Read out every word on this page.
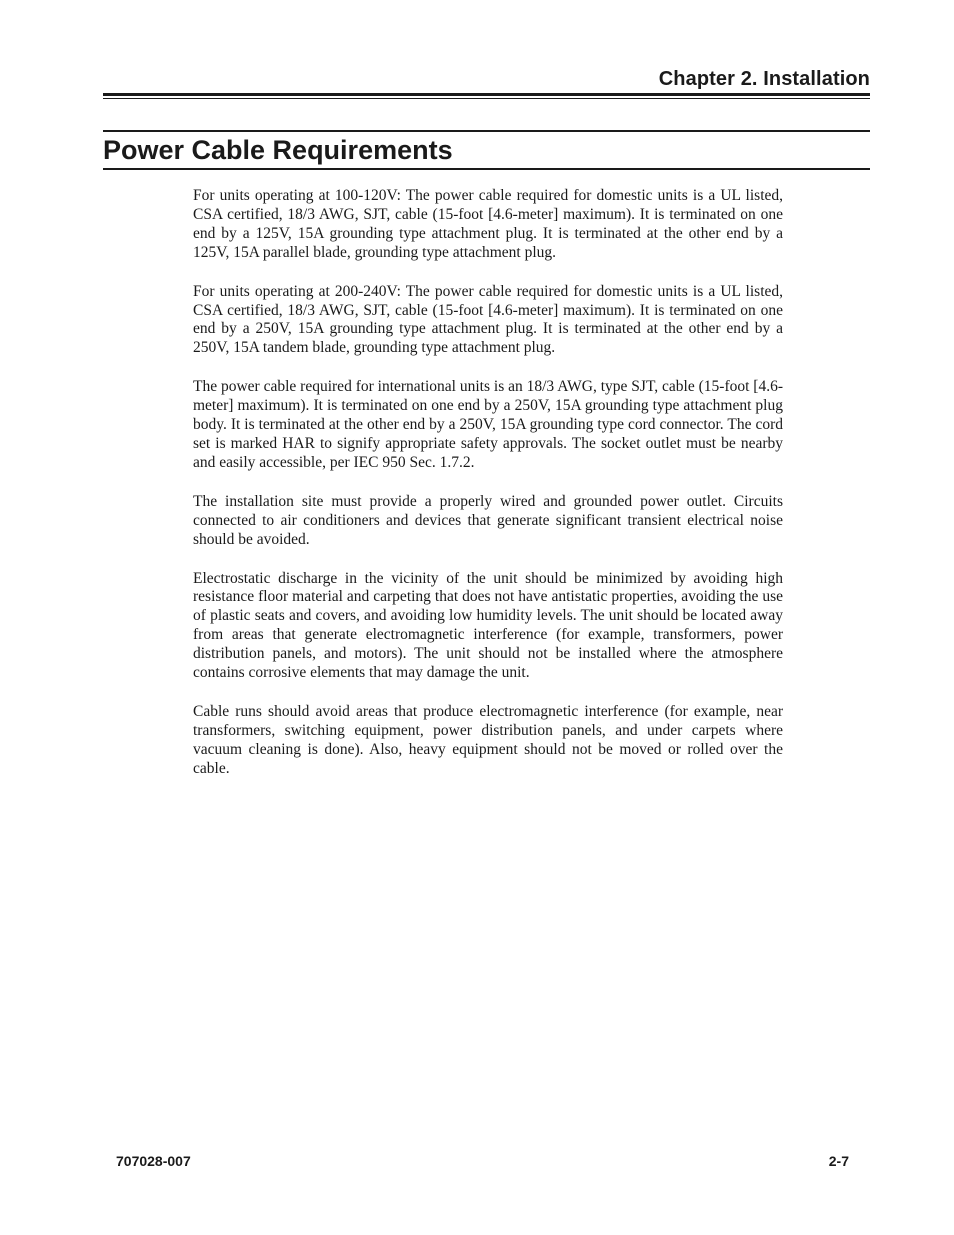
Chapter 2. Installation
Power Cable Requirements

For units operating at 100-120V: The power cable required for domestic units is a UL listed, CSA certified, 18/3 AWG, SJT, cable (15-foot [4.6-meter] maximum). It is terminated on one end by a 125V, 15A grounding type attachment plug. It is terminated at the other end by a 125V, 15A parallel blade, grounding type attachment plug.

For units operating at 200-240V: The power cable required for domestic units is a UL listed, CSA certified, 18/3 AWG, SJT, cable (15-foot [4.6-meter] maximum). It is terminated on one end by a 250V, 15A grounding type attachment plug. It is terminated at the other end by a 250V, 15A tandem blade, grounding type attachment plug.

The power cable required for international units is an 18/3 AWG, type SJT, cable (15-foot [4.6-meter] maximum). It is terminated on one end by a 250V, 15A grounding type attachment plug body. It is terminated at the other end by a 250V, 15A grounding type cord connector. The cord set is marked HAR to signify appropriate safety approvals. The socket outlet must be nearby and easily accessible, per IEC 950 Sec. 1.7.2.

The installation site must provide a properly wired and grounded power outlet. Circuits connected to air conditioners and devices that generate significant transient electrical noise should be avoided.

Electrostatic discharge in the vicinity of the unit should be minimized by avoiding high resistance floor material and carpeting that does not have antistatic properties, avoiding the use of plastic seats and covers, and avoiding low humidity levels. The unit should be located away from areas that generate electromagnetic interference (for example, transformers, power distribution panels, and motors). The unit should not be installed where the atmosphere contains corrosive elements that may damage the unit.

Cable runs should avoid areas that produce electromagnetic interference (for example, near transformers, switching equipment, power distribution panels, and under carpets where vacuum cleaning is done). Also, heavy equipment should not be moved or rolled over the cable.

707028-007	2-7
